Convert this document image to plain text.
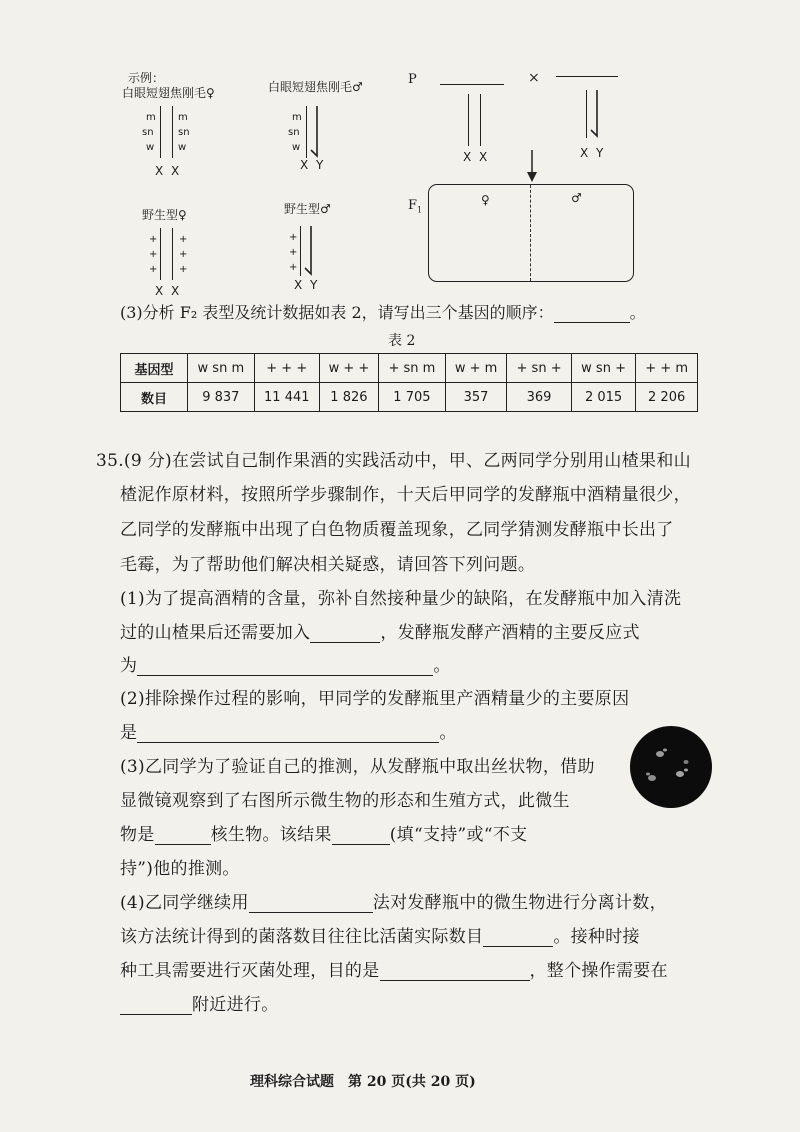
示例：
白眼短翅焦刚毛♀	白眼短翅焦刚毛♂
m
sn
w
m
sn
w
X X
m
sn
w
X Y
野生型♀	野生型♂
+
+
+
+
+
+
X X
+
+
+
X Y
P	×
X X	X Y
$F_1$
♀	♂
(3)分析 F₂ 表型及统计数据如表 2，请写出三个基因的顺序：	。
表 2
基因型	w sn m	+ + +	w + +	+ sn m	w + m	+ sn +	w sn +	+ + m
数目	9 837	11 441	1 826	1 705	357	369	2 015	2 206
35.(9 分)在尝试自己制作果酒的实践活动中，甲、乙两同学分别用山楂果和山
楂泥作原材料，按照所学步骤制作，十天后甲同学的发酵瓶中酒精量很少，
乙同学的发酵瓶中出现了白色物质覆盖现象，乙同学猜测发酵瓶中长出了
毛霉，为了帮助他们解决相关疑惑，请回答下列问题。
(1)为了提高酒精的含量，弥补自然接种量少的缺陷，在发酵瓶中加入清洗
过的山楂果后还需要加入	，发酵瓶发酵产酒精的主要反应式
为	。
(2)排除操作过程的影响，甲同学的发酵瓶里产酒精量少的主要原因
是	。
(3)乙同学为了验证自己的推测，从发酵瓶中取出丝状物，借助
显微镜观察到了右图所示微生物的形态和生殖方式，此微生
物是	核生物。该结果	(填“支持”或“不支
持”)他的推测。
(4)乙同学继续用	法对发酵瓶中的微生物进行分离计数，
该方法统计得到的菌落数目往往比活菌实际数目	。接种时接
种工具需要进行灭菌处理，目的是	，整个操作需要在
附近进行。
理科综合试题　第 20 页(共 20 页)
